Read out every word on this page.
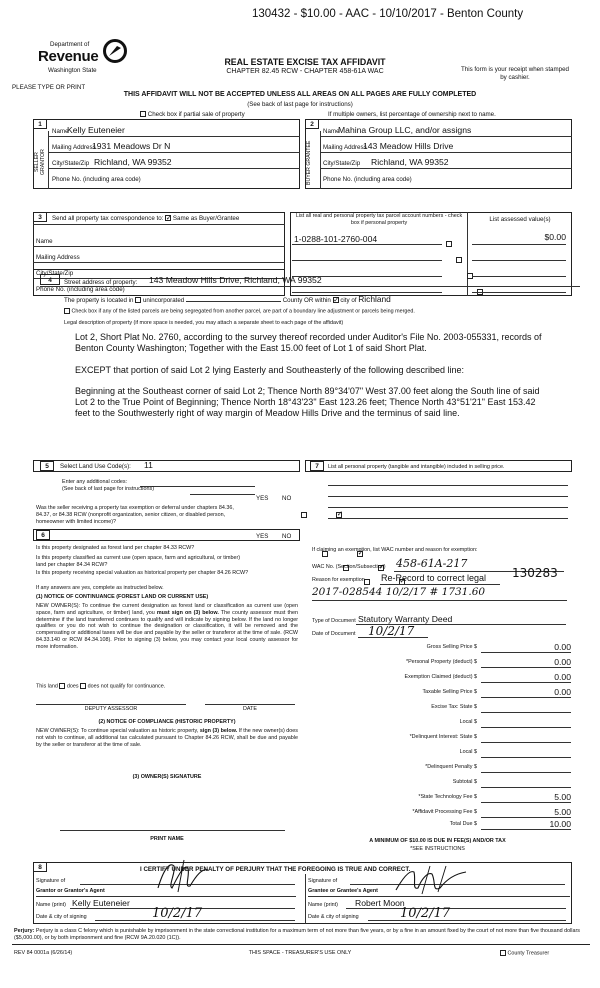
130432 - $10.00 - AAC - 10/10/2017 - Benton County
Department of
Revenue
Washington State
PLEASE TYPE OR PRINT
REAL ESTATE EXCISE TAX AFFIDAVIT
CHAPTER 82.45 RCW - CHAPTER 458-61A WAC	This form is your receipt when stamped by cashier.
THIS AFFIDAVIT WILL NOT BE ACCEPTED UNLESS ALL AREAS ON ALL PAGES ARE FULLY COMPLETED
(See back of last page for instructions)
Check box if partial sale of property	If multiple owners, list percentage of ownership next to name.
1
SELLER GRANTOR
Name
Kelly Euteneier
Mailing Address
1931 Meadows Dr N
City/State/Zip Richland, WA 99352
Phone No. (including area code)
2
BUYER GRANTEE
Name
Mahina Group LLC, and/or assigns
Mailing Address
143 Meadow Hills Drive
City/State/Zip Richland, WA 99352
Phone No. (including area code)
3	Send all property tax correspondence to: ✓ Same as Buyer/Grantee
Name
Mailing Address
City/State/Zip
Phone No. (including area code)
List all real and personal property tax parcel account numbers - check box if personal property	List assessed value(s)
1-0288-101-2760-004	$0.00

4	Street address of property: 143 Meadow Hills Drive, Richland, WA 99352
The property is located in unincorporated	County OR within ✓ city of Richland
Check box if any of the listed parcels are being segregated from another parcel, are part of a boundary line adjustment or parcels being merged.
Legal description of property (if more space is needed, you may attach a separate sheet to each page of the affidavit)
Lot 2, Short Plat No. 2760, according to the survey thereof recorded under Auditor's File No. 2003-055331, records of Benton County Washington; Together with the East 15.00 feet of Lot 1 of said Short Plat.
EXCEPT that portion of said Lot 2 lying Easterly and Southeasterly of the following described line:
Beginning at the Southeast corner of said Lot 2; Thence North 89°34'07" West 37.00 feet along the South line of said Lot 2 to the True Point of Beginning; Thence North 18°43'23" East 123.26 feet; Thence North 43°51'21" East 153.42 feet to the Southwesterly right of way margin of Meadow Hills Drive and the terminus of said line.
5	Select Land Use Code(s): 11
Enter any additional codes:
(See back of last page for instructions)
YES NO
Was the seller receiving a property tax exemption or deferral under chapters 84.36, 84.37, or 84.38 RCW (nonprofit organization, senior citizen, or disabled person, homeowner with limited income)?
✓
6	YES NO
Is this property designated as forest land per chapter 84.33 RCW?
✓
Is this property classified as current use (open space, farm and agricultural, or timber) land per chapter 84.34 RCW?
✓
Is this property receiving special valuation as historical property per chapter 84.26 RCW?
✓
If any answers are yes, complete as instructed below.
(1) NOTICE OF CONTINUANCE (FOREST LAND OR CURRENT USE)
NEW OWNER(S): To continue the current designation as forest land or classification as current use (open space, farm and agriculture, or timber) land, you must sign on (3) below. The county assessor must then determine if the land transferred continues to qualify and will indicate by signing below. If the land no longer qualifies or you do not wish to continue the designation or classification, it will be removed and the compensating or additional taxes will be due and payable by the seller or transferor at the time of sale. (RCW 84.33.140 or RCW 84.34.108). Prior to signing (3) below, you may contact your local county assessor for more information.
This land does does not qualify for continuance.
DEPUTY ASSESSOR	DATE
(2) NOTICE OF COMPLIANCE (HISTORIC PROPERTY)
NEW OWNER(S): To continue special valuation as historic property, sign (3) below. If the new owner(s) does not wish to continue, all additional tax calculated pursuant to Chapter 84.26 RCW, shall be due and payable by the seller or transferor at the time of sale.
(3) OWNER(S) SIGNATURE
PRINT NAME
7	List all personal property (tangible and intangible) included in selling price.
If claiming an exemption, list WAC number and reason for exemption:
WAC No. (Section/Subsection) 458-61A-217
Reason for exemption Re-Record to correct legal 130283
2017-028544 10/2/17 # 1731.60
Type of Document Statutory Warranty Deed
Date of Document 10/2/17
Gross Selling Price $	0.00
*Personal Property (deduct) $	0.00
Exemption Claimed (deduct) $	0.00
Taxable Selling Price $	0.00
Excise Tax: State $
Local $
*Delinquent Interest: State $
Local $
*Delinquent Penalty $
Subtotal $
*State Technology Fee $	5.00
*Affidavit Processing Fee $	5.00
Total Due $	10.00
A MINIMUM OF $10.00 IS DUE IN FEE(S) AND/OR TAX
*SEE INSTRUCTIONS
8	I CERTIFY UNDER PENALTY OF PERJURY THAT THE FOREGOING IS TRUE AND CORRECT.
Signature of
Grantor or Grantor's Agent
Name (print) Kelly Euteneier
Date & city of signing	10/2/17
Signature of
Grantee or Grantee's Agent
Name (print) Robert Moon
Date & city of signing	10/2/17
Perjury: Perjury is a class C felony which is punishable by imprisonment in the state correctional institution for a maximum term of not more than five years, or by a fine in an amount fixed by the court of not more than five thousand dollars ($5,000.00), or by both imprisonment and fine (RCW 9A.20.020 (1C)).
REV 84 0001a (6/26/14)	THIS SPACE - TREASURER'S USE ONLY	County Treasurer
